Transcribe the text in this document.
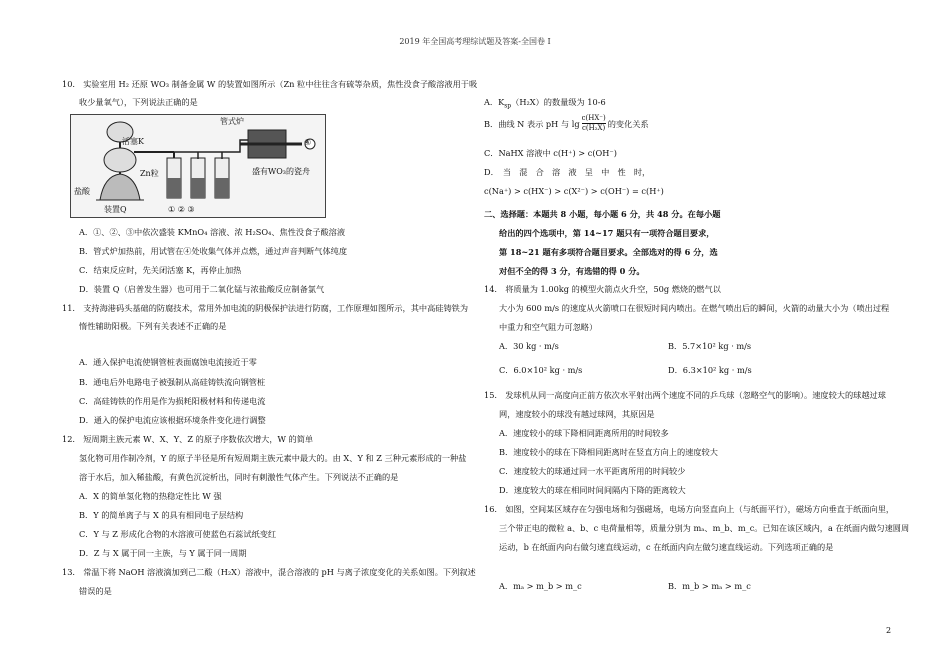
2019 年全国高考理综试题及答案-全国卷 I
10.　实验室用 H₂ 还原 WO₃ 制备金属 W 的装置如图所示（Zn 粒中往往含有硫等杂质，焦性没食子酸溶液用于吸
收少量氧气），下列说法正确的是
活塞K
管式炉
④
Zn粒
盐酸
盛有WO₃的瓷舟
装置Q	① ② ③
A．①、②、③中依次盛装 KMnO₄ 溶液、浓 H₂SO₄、焦性没食子酸溶液
B．管式炉加热前，用试管在④处收集气体并点燃，通过声音判断气体纯度
C．结束反应时，先关闭活塞 K，再停止加热
D．装置 Q（启普发生器）也可用于二氧化锰与浓盐酸反应制备氯气
11.　支持海港码头基础的防腐技术，常用外加电流的阴极保护法进行防腐，工作原理如图所示，其中高硅铸铁为
惰性辅助阳极。下列有关表述不正确的是
A．通入保护电流使钢管桩表面腐蚀电流接近于零
B．通电后外电路电子被强制从高硅铸铁流向钢管桩
C．高硅铸铁的作用是作为损耗阳极材料和传递电流
D．通入的保护电流应该根据环境条件变化进行调整
12.　短周期主族元素 W、X、Y、Z 的原子序数依次增大，W 的简单
氢化物可用作制冷剂，Y 的原子半径是所有短周期主族元素中最大的。由 X、Y 和 Z 三种元素形成的一种盐
溶于水后，加入稀盐酸，有黄色沉淀析出，同时有刺激性气体产生。下列说法不正确的是
A．X 的简单氢化物的热稳定性比 W 强
B．Y 的简单离子与 X 的具有相同电子层结构
C．Y 与 Z 形成化合物的水溶液可使蓝色石蕊试纸变红
D．Z 与 X 属于同一主族，与 Y 属于同一周期
13.　常温下将 NaOH 溶液滴加到己二酸（H₂X）溶液中，混合溶液的 pH 与离子浓度变化的关系如图。下列叙述
错误的是
A．$K_{sp}(H_2X)$的数量级为 10-6
B．曲线 N 表示 pH 与 $\lg \frac{c(HX^-)}{\text{c(H₂X)}}$ 的变化关系
C．NaHX 溶液中 c(H⁺) > c(OH⁻)
D．　当　混　合　溶　液　呈　中　性　时，
c(Na⁺) > c(HX⁻) > c(X²⁻) > c(OH⁻) = c(H⁺)
二、选择题：本题共 8 小题，每小题 6 分，共 48 分。在每小题
给出的四个选项中，第 14~17 题只有一项符合题目要求，
第 18~21 题有多项符合题目要求。全部选对的得 6 分，选
对但不全的得 3 分，有选错的得 0 分。
14.　将质量为 1.00kg 的模型火箭点火升空，50g 燃烧的燃气以
大小为 600 m/s 的速度从火箭喷口在很短时间内喷出。在燃气喷出后的瞬间，火箭的动量大小为（喷出过程
中重力和空气阻力可忽略）
A．30 kg · m/s	B．5.7×10² kg · m/s
C．6.0×10² kg · m/s	D．6.3×10² kg · m/s
15.　发球机从同一高度向正前方依次水平射出两个速度不同的乒乓球（忽略空气的影响）。速度较大的球越过球
网，速度较小的球没有越过球网，其原因是
A．速度较小的球下降相同距离所用的时间较多
B．速度较小的球在下降相同距离时在竖直方向上的速度较大
C．速度较大的球通过同一水平距离所用的时间较少
D．速度较大的球在相同时间间隔内下降的距离较大
16.　如图，空间某区域存在匀强电场和匀强磁场，电场方向竖直向上（与纸面平行），磁场方向垂直于纸面向里，
三个带正电的微粒 a、b、c 电荷量相等，质量分别为 mₐ、m_b、m_c。已知在该区域内，a 在纸面内做匀速圆周
运动，b 在纸面内向右做匀速直线运动，c 在纸面内向左做匀速直线运动。下列选项正确的是
A．mₐ > m_b > m_c	B．m_b > mₐ > m_c
2
